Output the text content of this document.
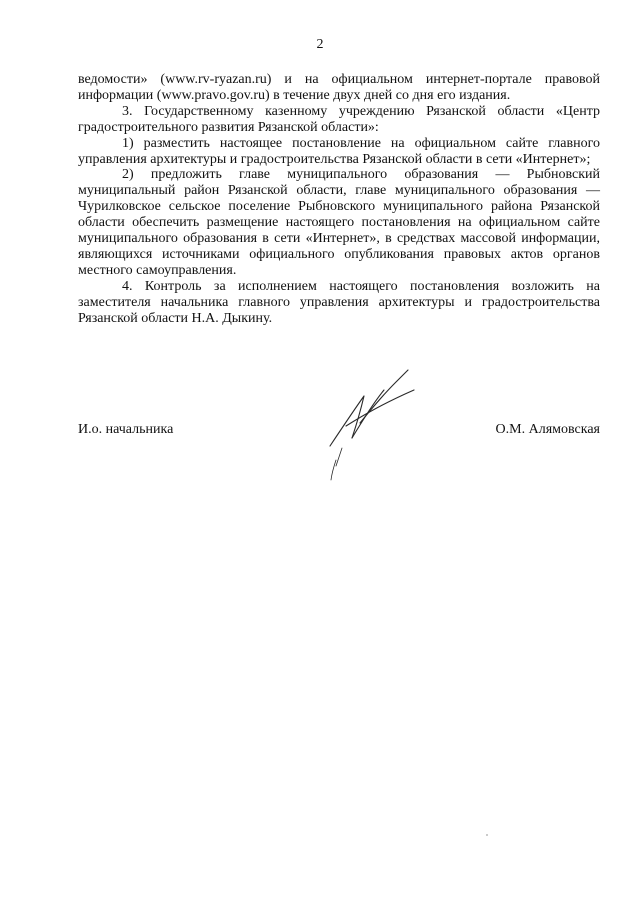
2

ведомости» (www.rv-ryazan.ru) и на официальном интернет-портале правовой информации (www.pravo.gov.ru) в течение двух дней со дня его издания.

3. Государственному казенному учреждению Рязанской области «Центр градостроительного развития Рязанской области»:

1) разместить настоящее постановление на официальном сайте главного управления архитектуры и градостроительства Рязанской области в сети «Интернет»;

2) предложить главе муниципального образования — Рыбновский муниципальный район Рязанской области, главе муниципального образования — Чурилковское сельское поселение Рыбновского муниципального района Рязанской области обеспечить размещение настоящего постановления на официальном сайте муниципального образования в сети «Интернет», в средствах массовой информации, являющихся источниками официального опубликования правовых актов органов местного самоуправления.

4. Контроль за исполнением настоящего постановления возложить на заместителя начальника главного управления архитектуры и градостроительства Рязанской области Н.А. Дыкину.

И.о. начальника	О.М. Алямовская
